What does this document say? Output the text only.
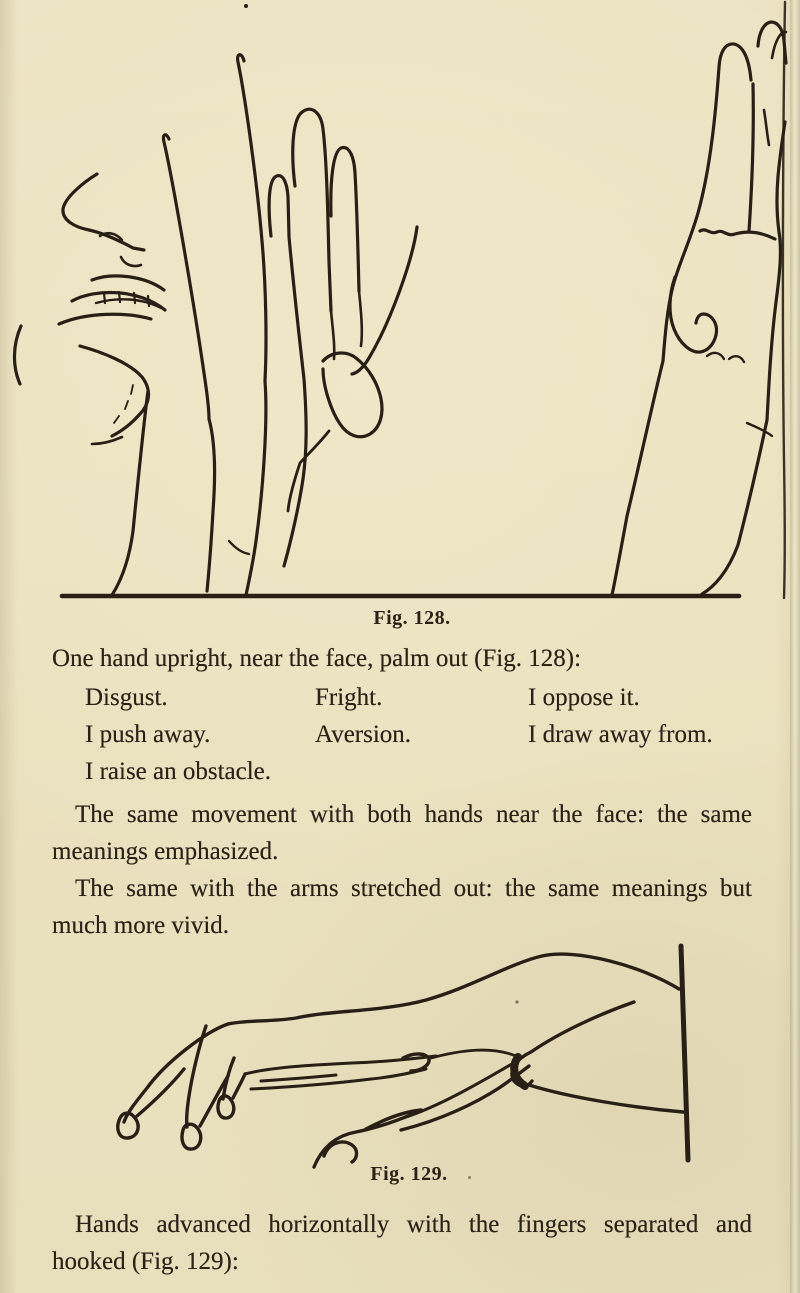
Fig. 128.
One hand upright, near the face, palm out (Fig. 128):
Disgust.	Fright.	I oppose it.
I push away.	Aversion.	I draw away from.
I raise an obstacle.
The same movement with both hands near the face: the same
meanings emphasized.
The same with the arms stretched out: the same meanings but
much more vivid.
Fig. 129.
Hands advanced horizontally with the fingers separated and
hooked (Fig. 129):
